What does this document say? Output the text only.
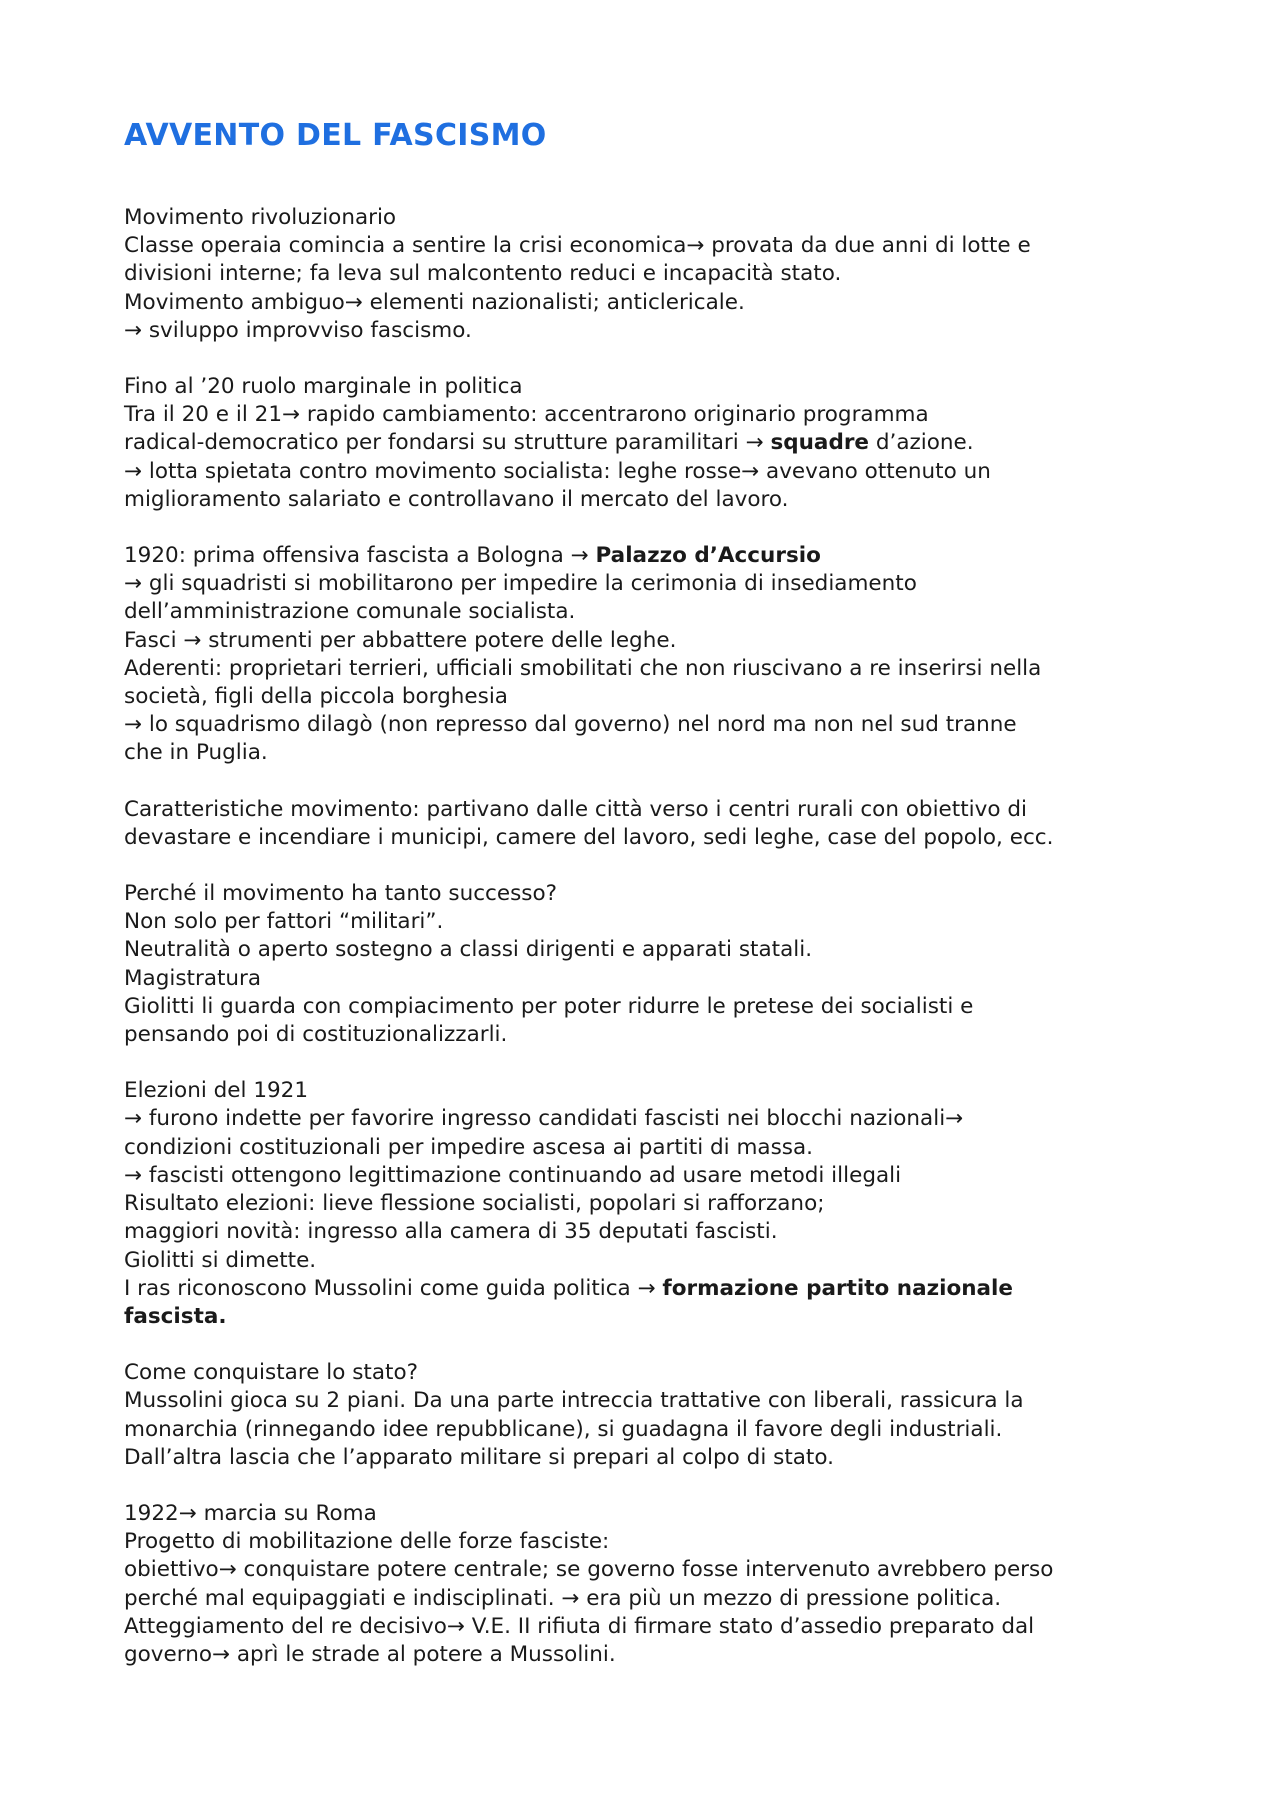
AVVENTO DEL FASCISMO
Movimento rivoluzionario
Classe operaia comincia a sentire la crisi economica→ provata da due anni di lotte e
divisioni interne; fa leva sul malcontento reduci e incapacità stato.
Movimento ambiguo→ elementi nazionalisti; anticlericale.
→ sviluppo improvviso fascismo.
Fino al ’20 ruolo marginale in politica
Tra il 20 e il 21→ rapido cambiamento: accentrarono originario programma
radical-democratico per fondarsi su strutture paramilitari → squadre d’azione.
→ lotta spietata contro movimento socialista: leghe rosse→ avevano ottenuto un
miglioramento salariato e controllavano il mercato del lavoro.
1920: prima offensiva fascista a Bologna → Palazzo d’Accursio
→ gli squadristi si mobilitarono per impedire la cerimonia di insediamento
dell’amministrazione comunale socialista.
Fasci → strumenti per abbattere potere delle leghe.
Aderenti: proprietari terrieri, ufficiali smobilitati che non riuscivano a re inserirsi nella
società, figli della piccola borghesia
→ lo squadrismo dilagò (non represso dal governo) nel nord ma non nel sud tranne
che in Puglia.
Caratteristiche movimento: partivano dalle città verso i centri rurali con obiettivo di
devastare e incendiare i municipi, camere del lavoro, sedi leghe, case del popolo, ecc.
Perché il movimento ha tanto successo?
Non solo per fattori “militari”.
Neutralità o aperto sostegno a classi dirigenti e apparati statali.
Magistratura
Giolitti li guarda con compiacimento per poter ridurre le pretese dei socialisti e
pensando poi di costituzionalizzarli.
Elezioni del 1921
→ furono indette per favorire ingresso candidati fascisti nei blocchi nazionali→
condizioni costituzionali per impedire ascesa ai partiti di massa.
→ fascisti ottengono legittimazione continuando ad usare metodi illegali
Risultato elezioni: lieve flessione socialisti, popolari si rafforzano;
maggiori novità: ingresso alla camera di 35 deputati fascisti.
Giolitti si dimette.
I ras riconoscono Mussolini come guida politica → formazione partito nazionale
fascista.
Come conquistare lo stato?
Mussolini gioca su 2 piani. Da una parte intreccia trattative con liberali, rassicura la
monarchia (rinnegando idee repubblicane), si guadagna il favore degli industriali.
Dall’altra lascia che l’apparato militare si prepari al colpo di stato.
1922→ marcia su Roma
Progetto di mobilitazione delle forze fasciste:
obiettivo→ conquistare potere centrale; se governo fosse intervenuto avrebbero perso
perché mal equipaggiati e indisciplinati. → era più un mezzo di pressione politica.
Atteggiamento del re decisivo→ V.E. II rifiuta di firmare stato d’assedio preparato dal
governo→ aprì le strade al potere a Mussolini.
